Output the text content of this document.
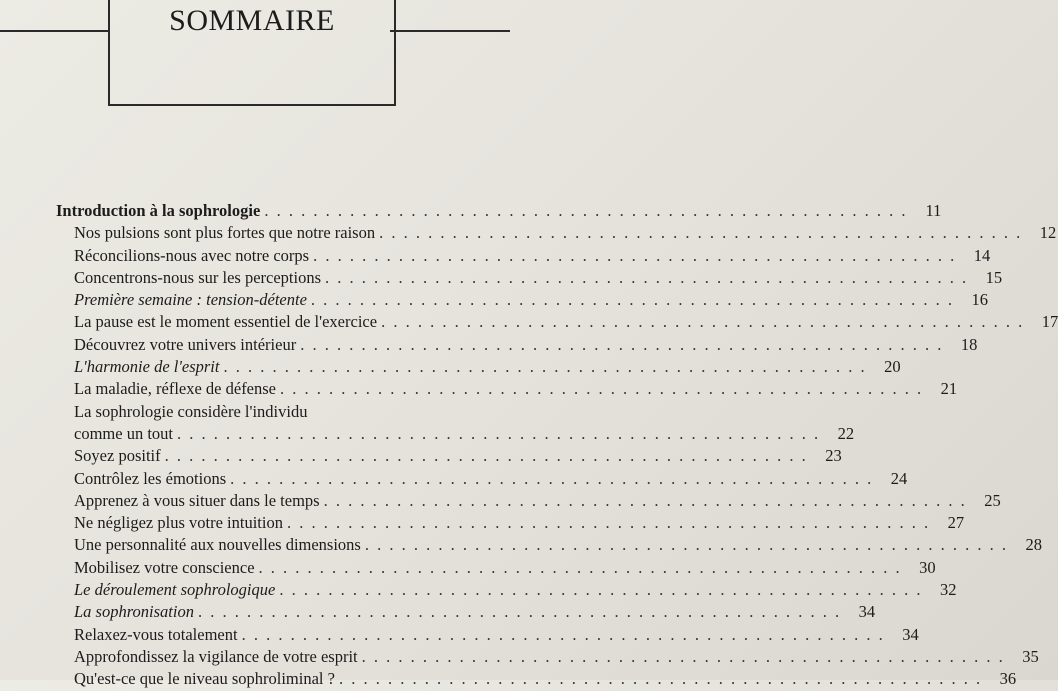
SOMMAIRE
Introduction à la sophrologie . . .	11
Nos pulsions sont plus fortes que notre raison . . .	12
Réconcilions-nous avec notre corps . . .	14
Concentrons-nous sur les perceptions . . .	15
Première semaine : tension-détente . . .	16
La pause est le moment essentiel de l'exercice . . .	17
Découvrez votre univers intérieur . . .	18
L'harmonie de l'esprit . . .	20
La maladie, réflexe de défense . . .	21
La sophrologie considère l'individu
comme un tout . . .	22
Soyez positif . . .	23
Contrôlez les émotions . . .	24
Apprenez à vous situer dans le temps . . .	25
Ne négligez plus votre intuition . . .	27
Une personnalité aux nouvelles dimensions . . .	28
Mobilisez votre conscience . . .	30
Le déroulement sophrologique . . .	32
La sophronisation . . .	34
Relaxez-vous totalement . . .	34
Approfondissez la vigilance de votre esprit . . .	35
Qu'est-ce que le niveau sophroliminal ? . . .	36
